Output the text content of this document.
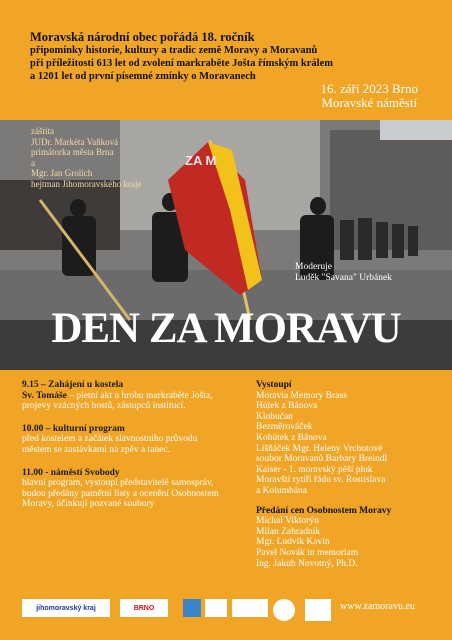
Moravská národní obec pořádá 18. ročník
připomínky historie, kultury a tradic země Moravy a Moravanů
při příležitosti 613 let od zvolení markraběte Jošta římským králem
a 1201 let od první písemné zmínky o Moravanech
16. září 2023 Brno
Moravské náměstí
ZA M
záštita
JUDr. Markéta Vaňková
primátorka města Brna
a
Mgr. Jan Grolich
hejtman Jihomoravského kraje
Moderuje
Luděk "Savana" Urbánek
DEN ZA MORAVU
9.15 – Zahájení u kostela
Sv. Tomáše – pietní akt u hrobu markraběte Jošta, projevy vzácných hostů, zástupců institucí.
10.00 – kulturní program
před kostelem a začátek slavnostního průvodu městem se zastávkami na zpěv a tanec.
11.00 - náměstí Svobody
hlavní program, vystoupí představitelé samospráv, budou předány pamětní listy a ocenění Osobnostem Moravy, účinkují pozvané soubory
Vystoupí
Moravia Memory Brass
Hútek z Bánova
Klobučan
Bezměrováček
Kohútek z Bánova
Líšňáček Mgr. Heleny Vrchotové
soubor Moravanů Barbary Breindl
Kaiser - 1. moravský pěší pluk
Moravští rytíři řádu sv. Rostislava
a Kolumbána
Předání cen Osobnostem Moravy
Michal Viktorýn
Milan Zahradník
Mgr. Ludvík Kavín
Pavel Novák in memoriam
Ing. Jakub Novotný, Ph.D.
jihomoravský kraj	BRNO	www.zamoravu.eu
